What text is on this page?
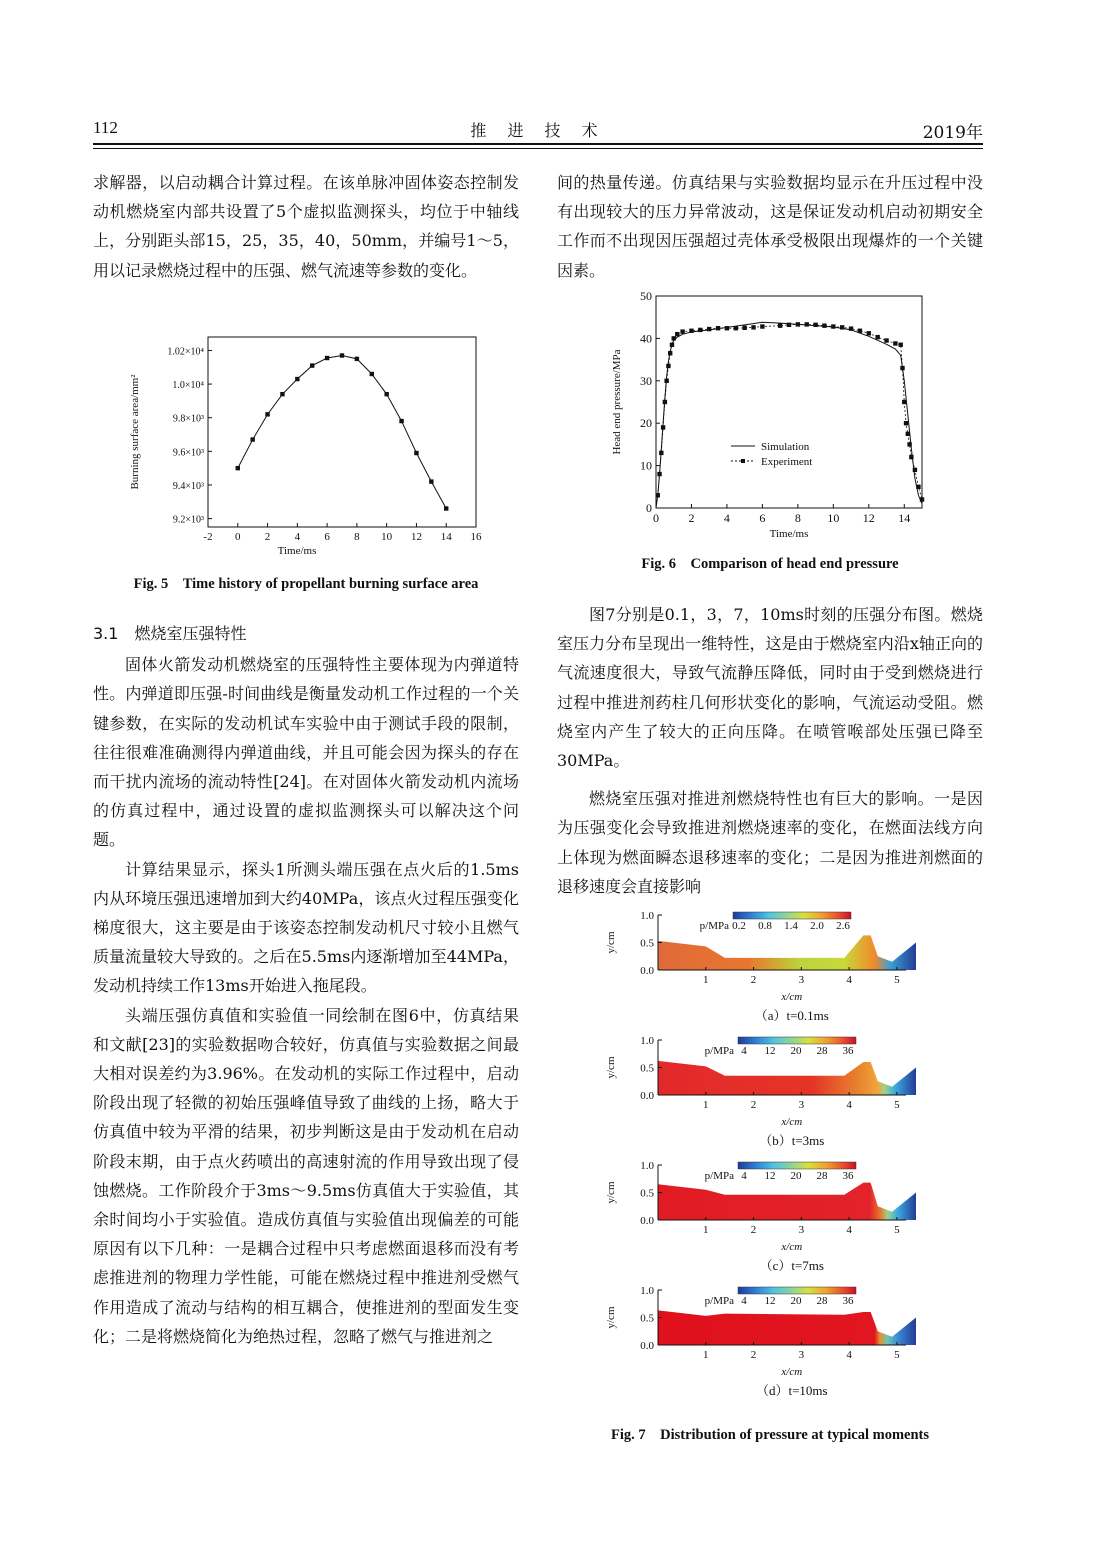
112	推 进 技 术	2019年

求解器，以启动耦合计算过程。在该单脉冲固体姿态控制发动机燃烧室内部共设置了5个虚拟监测探头，均位于中轴线上，分别距头部15，25，35，40，50mm，并编号1～5，用以记录燃烧过程中的压强、燃气流速等参数的变化。

-2 0 2 4 6 8 10 12 14 16
9.2×10³
9.4×10³
9.6×10³
9.8×10³
1.0×10⁴
1.02×10⁴
Time/ms
Burning surface area/mm²
Fig. 5　Time history of propellant burning surface area

3.1　燃烧室压强特性

固体火箭发动机燃烧室的压强特性主要体现为内弹道特性。内弹道即压强-时间曲线是衡量发动机工作过程的一个关键参数，在实际的发动机试车实验中由于测试手段的限制，往往很难准确测得内弹道曲线，并且可能会因为探头的存在而干扰内流场的流动特性[24]。在对固体火箭发动机内流场的仿真过程中，通过设置的虚拟监测探头可以解决这个问题。

计算结果显示，探头1所测头端压强在点火后的1.5ms内从环境压强迅速增加到大约40MPa，该点火过程压强变化梯度很大，这主要是由于该姿态控制发动机尺寸较小且燃气质量流量较大导致的。之后在5.5ms内逐渐增加至44MPa，发动机持续工作13ms开始进入拖尾段。

头端压强仿真值和实验值一同绘制在图6中，仿真结果和文献[23]的实验数据吻合较好，仿真值与实验数据之间最大相对误差约为3.96%。在发动机的实际工作过程中，启动阶段出现了轻微的初始压强峰值导致了曲线的上扬，略大于仿真值中较为平滑的结果，初步判断这是由于发动机在启动阶段末期，由于点火药喷出的高速射流的作用导致出现了侵蚀燃烧。工作阶段介于3ms～9.5ms仿真值大于实验值，其余时间均小于实验值。造成仿真值与实验值出现偏差的可能原因有以下几种：一是耦合过程中只考虑燃面退移而没有考虑推进剂的物理力学性能，可能在燃烧过程中推进剂受燃气作用造成了流动与结构的相互耦合，使推进剂的型面发生变化；二是将燃烧简化为绝热过程，忽略了燃气与推进剂之

间的热量传递。仿真结果与实验数据均显示在升压过程中没有出现较大的压力异常波动，这是保证发动机启动初期安全工作而不出现因压强超过壳体承受极限出现爆炸的一个关键因素。

0 2 4 6 8 10 12 14
0
10
20
30
40
50
Time/ms
Head end pressure/MPa	Simulation
Experiment
Fig. 6　Comparison of head end pressure

图7分别是0.1，3，7，10ms时刻的压强分布图。燃烧室压力分布呈现出一维特性，这是由于燃烧室内沿x轴正向的气流速度很大，导致气流静压降低，同时由于受到燃烧进行过程中推进剂药柱几何形状变化的影响，气流运动受阻。燃烧室内产生了较大的正向压降。在喷管喉部处压强已降至30MPa。

燃烧室压强对推进剂燃烧特性也有巨大的影响。一是因为压强变化会导致推进剂燃烧速率的变化，在燃面法线方向上体现为燃面瞬态退移速率的变化；二是因为推进剂燃面的退移速度会直接影响

0.0
0.5
1.0
1	2	3	4	5
y/cm
x/cm
p/MPa 0.2 0.8 1.4 2.0 2.6
（a）t=0.1ms
0.0
0.5
1.0
1	2	3	4	5
y/cm
x/cm
p/MPa 4 12 20 28 36
（b）t=3ms
0.0
0.5
1.0
1	2	3	4	5
y/cm
x/cm
p/MPa 4 12 20 28 36
（c）t=7ms
0.0
0.5
1.0
1	2	3	4	5
y/cm
x/cm
p/MPa 4 12 20 28 36
（d）t=10ms
Fig. 7　Distribution of pressure at typical moments
